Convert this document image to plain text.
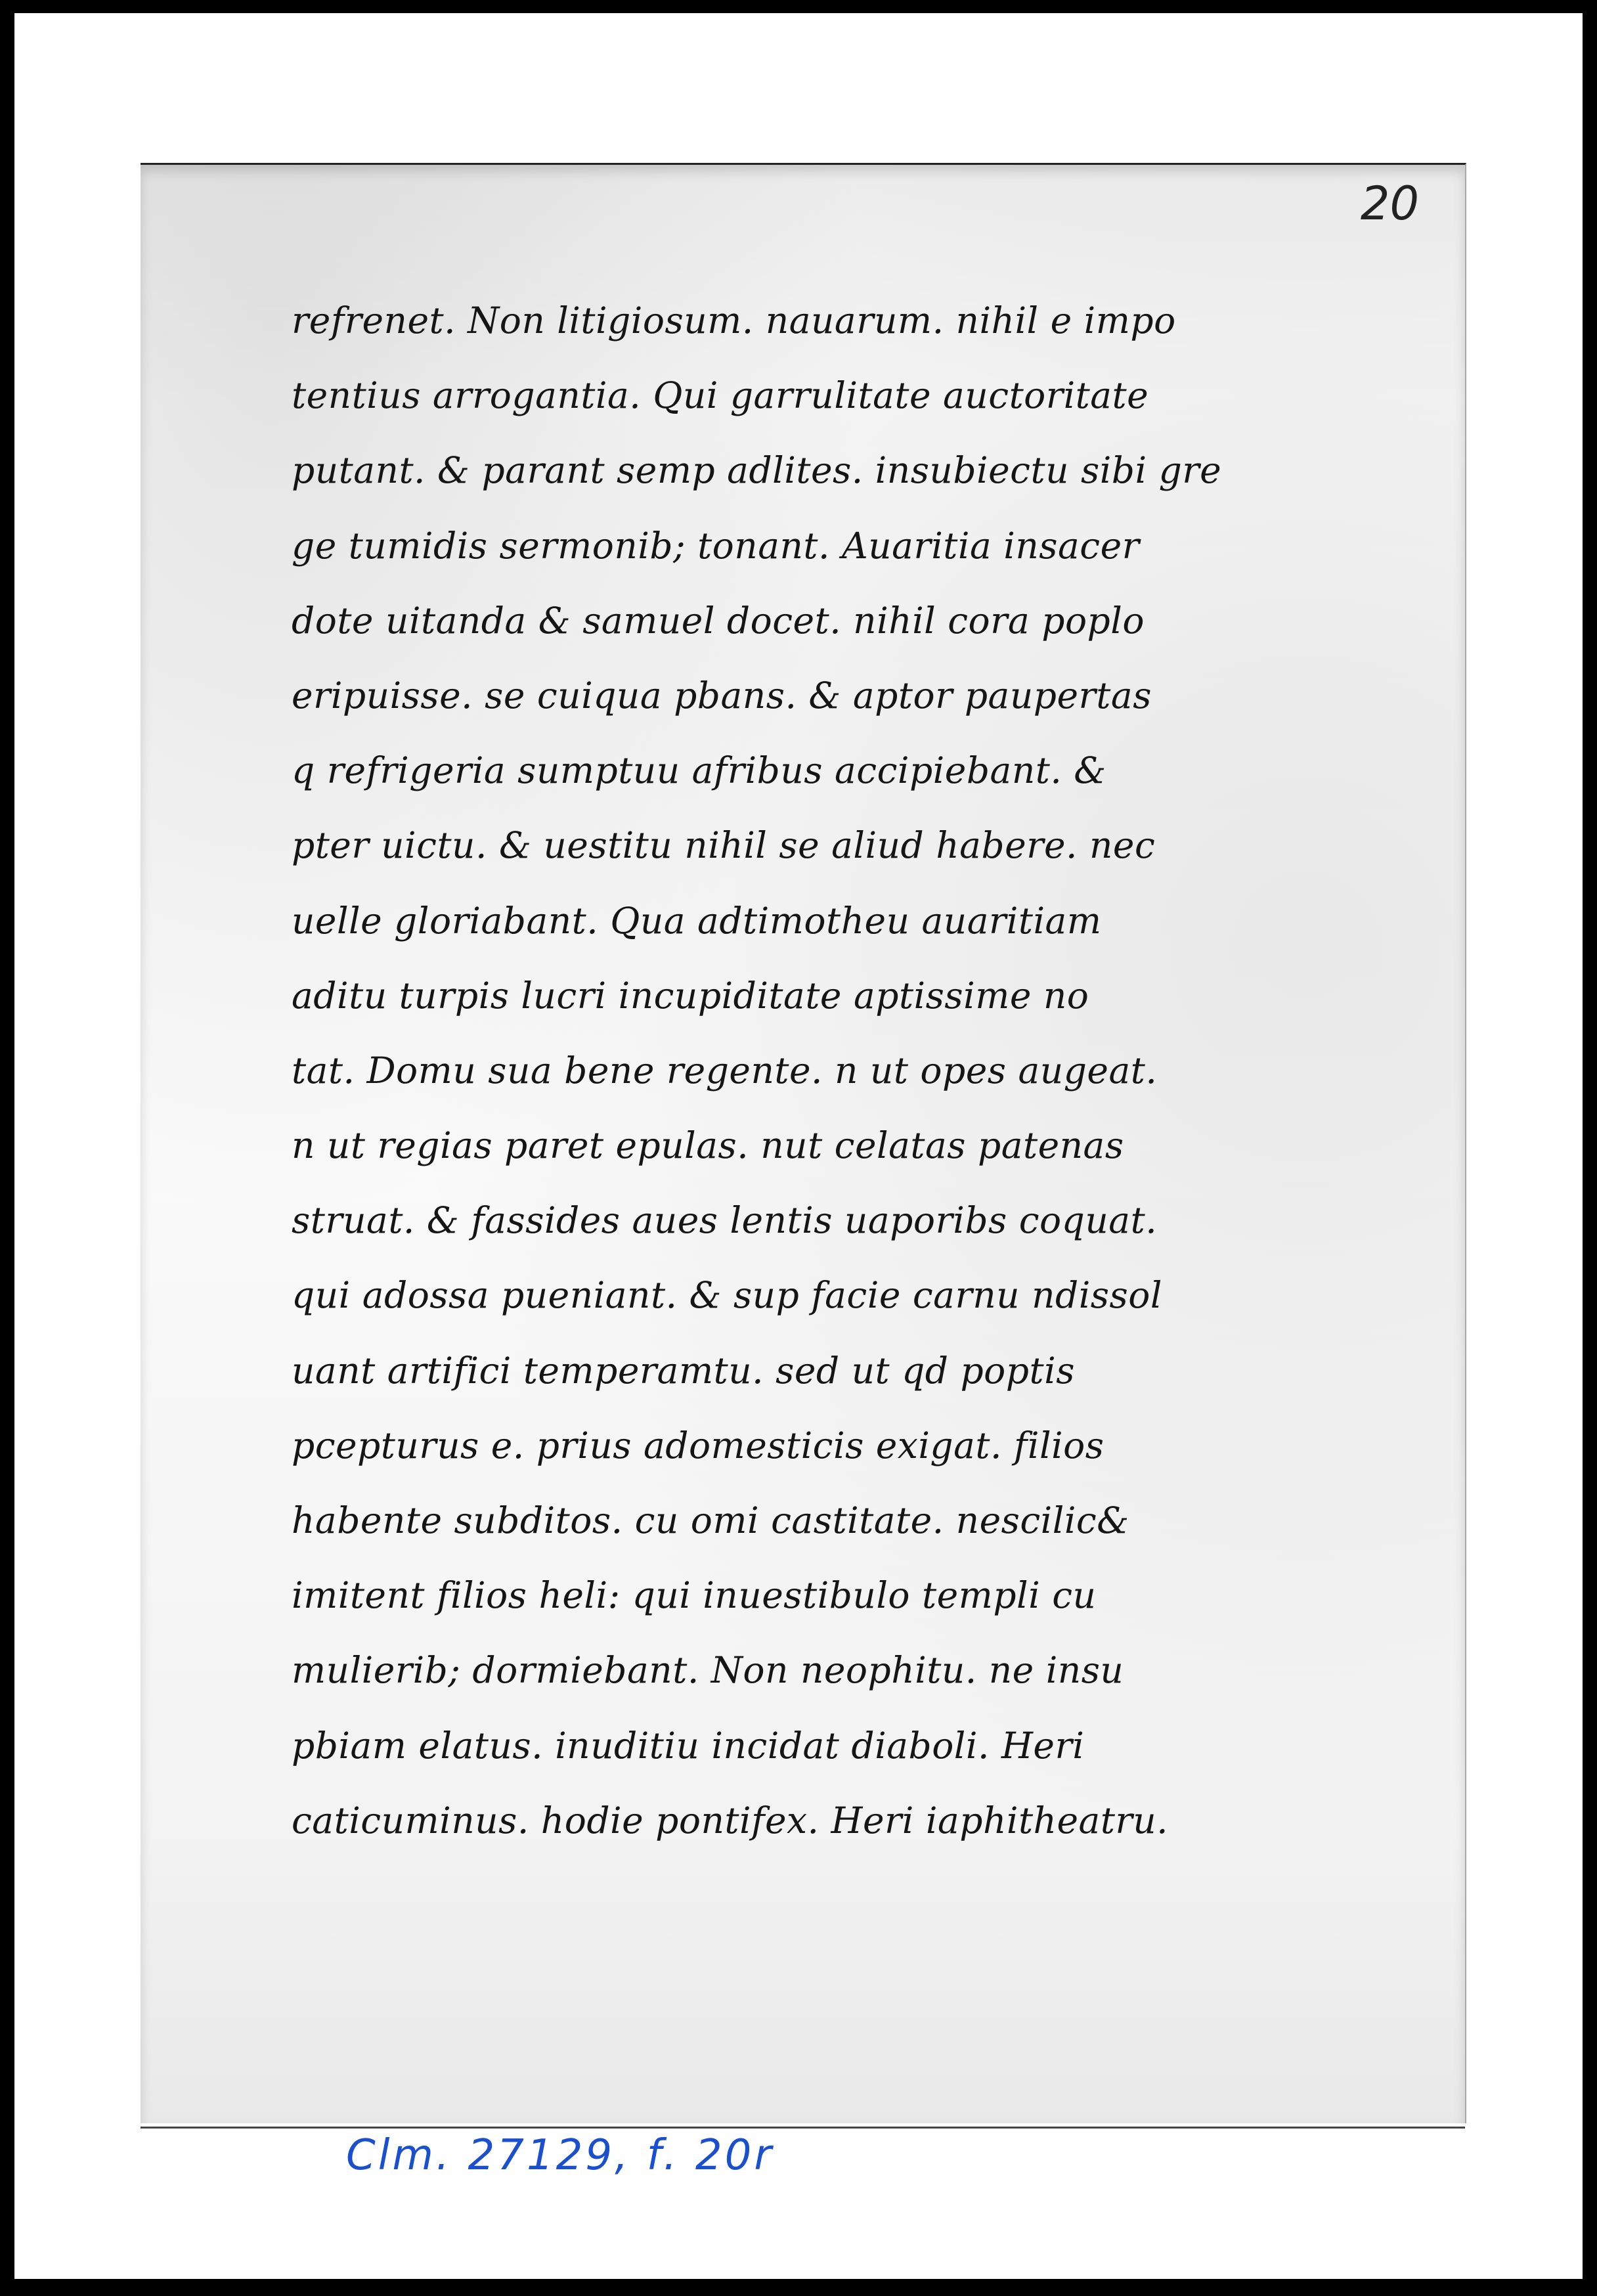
20
refrenet. Non litigiosum. nauarum. nihil e impo
tentius arrogantia. Qui garrulitate auctoritate
putant. & parant semp adlites. insubiectu sibi gre
ge tumidis sermonib; tonant. Auaritia insacer
dote uitanda & samuel docet. nihil cora poplo
eripuisse. se cuiqua pbans. & aptor paupertas
q refrigeria sumptuu afribus accipiebant. &
pter uictu. & uestitu nihil se aliud habere. nec
uelle gloriabant. Qua adtimotheu auaritiam
aditu turpis lucri incupiditate aptissime no
tat. Domu sua bene regente. n ut opes augeat.
n ut regias paret epulas. nut celatas patenas
struat. & fassides aues lentis uaporibs coquat.
qui adossa pueniant. & sup facie carnu ndissol
uant artifici temperamtu. sed ut qd poptis
pcepturus e. prius adomesticis exigat. filios
habente subditos. cu omi castitate. nescilic&
imitent filios heli: qui inuestibulo templi cu
mulierib; dormiebant. Non neophitu. ne insu
pbiam elatus. inuditiu incidat diaboli. Heri
caticuminus. hodie pontifex. Heri iaphitheatru.
Clm. 27129, f. 20r
